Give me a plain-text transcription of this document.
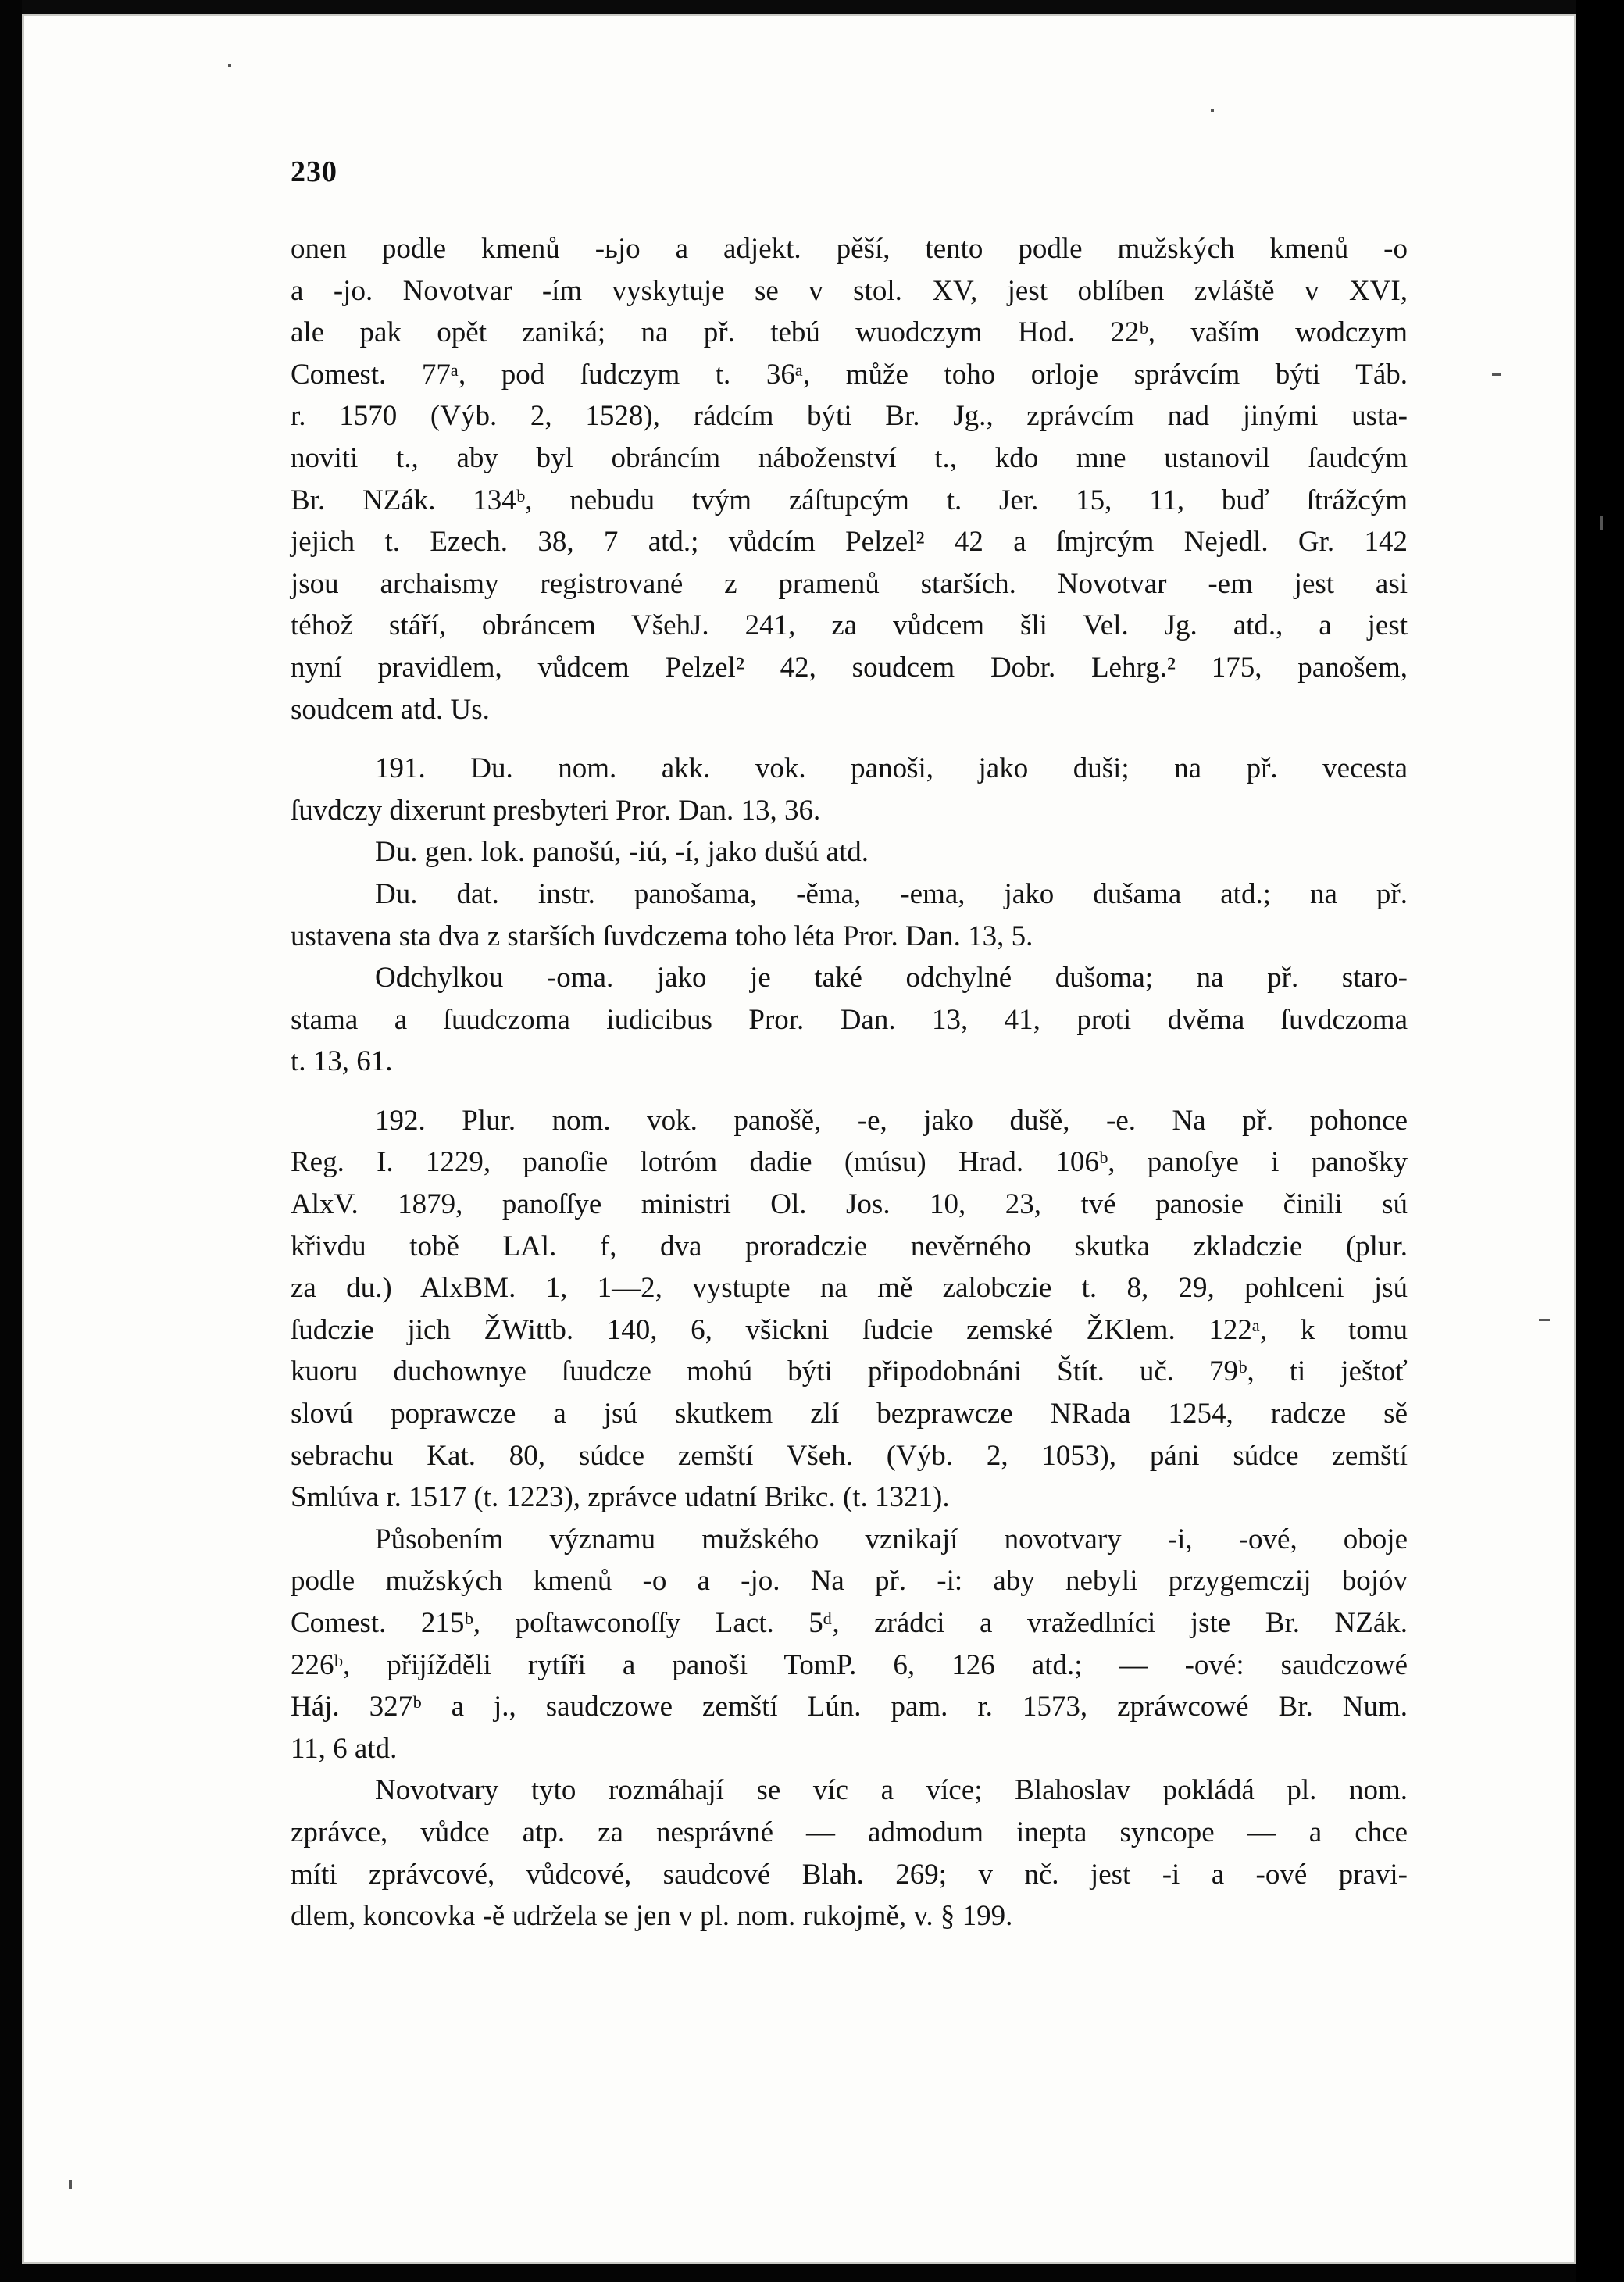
230
onen podle kmenů -ьjo a adjekt. pěší, tento podle mužských kmenů -o
a -jo. Novotvar -ím vyskytuje se v stol. XV, jest oblíben zvláště v XVI,
ale pak opět zaniká; na př. tebú wuodczym Hod. 22ᵇ, vaším wodczym
Comest. 77ᵃ, pod ſudczym t. 36ᵃ, může toho orloje správcím býti Táb.
r. 1570 (Výb. 2, 1528), rádcím býti Br. Jg., zprávcím nad jinými usta-
noviti t., aby byl obráncím náboženství t., kdo mne ustanovil ſaudcým
Br. NZák. 134ᵇ, nebudu tvým záſtupcým t. Jer. 15, 11, buď ſtrážcým
jejich t. Ezech. 38, 7 atd.; vůdcím Pelzel² 42 a ſmjrcým Nejedl. Gr. 142
jsou archaismy registrované z pramenů starších. Novotvar -em jest asi
téhož stáří, obráncem VšehJ. 241, za vůdcem šli Vel. Jg. atd., a jest
nyní pravidlem, vůdcem Pelzel² 42, soudcem Dobr. Lehrg.² 175, panošem,
soudcem atd. Us.
191. Du. nom. akk. vok. panoši, jako duši; na př. vecesta
ſuvdczy dixerunt presbyteri Pror. Dan. 13, 36.
Du. gen. lok. panošú, -iú, -í, jako dušú atd.
Du. dat. instr. panošama, -ěma, -ema, jako dušama atd.; na př.
ustavena sta dva z starších ſuvdczema toho léta Pror. Dan. 13, 5.
Odchylkou -oma. jako je také odchylné dušoma; na př. staro-
stama a ſuudczoma iudicibus Pror. Dan. 13, 41, proti dvěma ſuvdczoma
t. 13, 61.
192. Plur. nom. vok. panošě, -e, jako dušě, -e. Na př. pohonce
Reg. I. 1229, panoſie lotróm dadie (músu) Hrad. 106ᵇ, panoſye i panošky
AlxV. 1879, panoſſye ministri Ol. Jos. 10, 23, tvé panosie činili sú
křivdu tobě LAl. f, dva proradczie nevěrného skutka zkladczie (plur.
za du.) AlxBM. 1, 1—2, vystupte na mě zalobczie t. 8, 29, pohlceni jsú
ſudczie jich ŽWittb. 140, 6, všickni ſudcie zemské ŽKlem. 122ᵃ, k tomu
kuoru duchownye ſuudcze mohú býti připodobnáni Štít. uč. 79ᵇ, ti ještoť
slovú poprawcze a jsú skutkem zlí bezprawcze NRada 1254, radcze sě
sebrachu Kat. 80, súdce zemští Všeh. (Výb. 2, 1053), páni súdce zemští
Smlúva r. 1517 (t. 1223), zprávce udatní Brikc. (t. 1321).
Působením významu mužského vznikají novotvary -i, -ové, oboje
podle mužských kmenů -o a -jo. Na př. -i: aby nebyli przygemczij bojóv
Comest. 215ᵇ, poſtawconoſſy Lact. 5ᵈ, zrádci a vražedlníci jste Br. NZák.
226ᵇ, přijížděli rytíři a panoši TomP. 6, 126 atd.; — -ové: saudczowé
Háj. 327ᵇ a j., saudczowe zemští Lún. pam. r. 1573, zpráwcowé Br. Num.
11, 6 atd.
Novotvary tyto rozmáhají se víc a více; Blahoslav pokládá pl. nom.
zprávce, vůdce atp. za nesprávné — admodum inepta syncope — a chce
míti zprávcové, vůdcové, saudcové Blah. 269; v nč. jest -i a -ové pravi-
dlem, koncovka -ě udržela se jen v pl. nom. rukojmě, v. § 199.
